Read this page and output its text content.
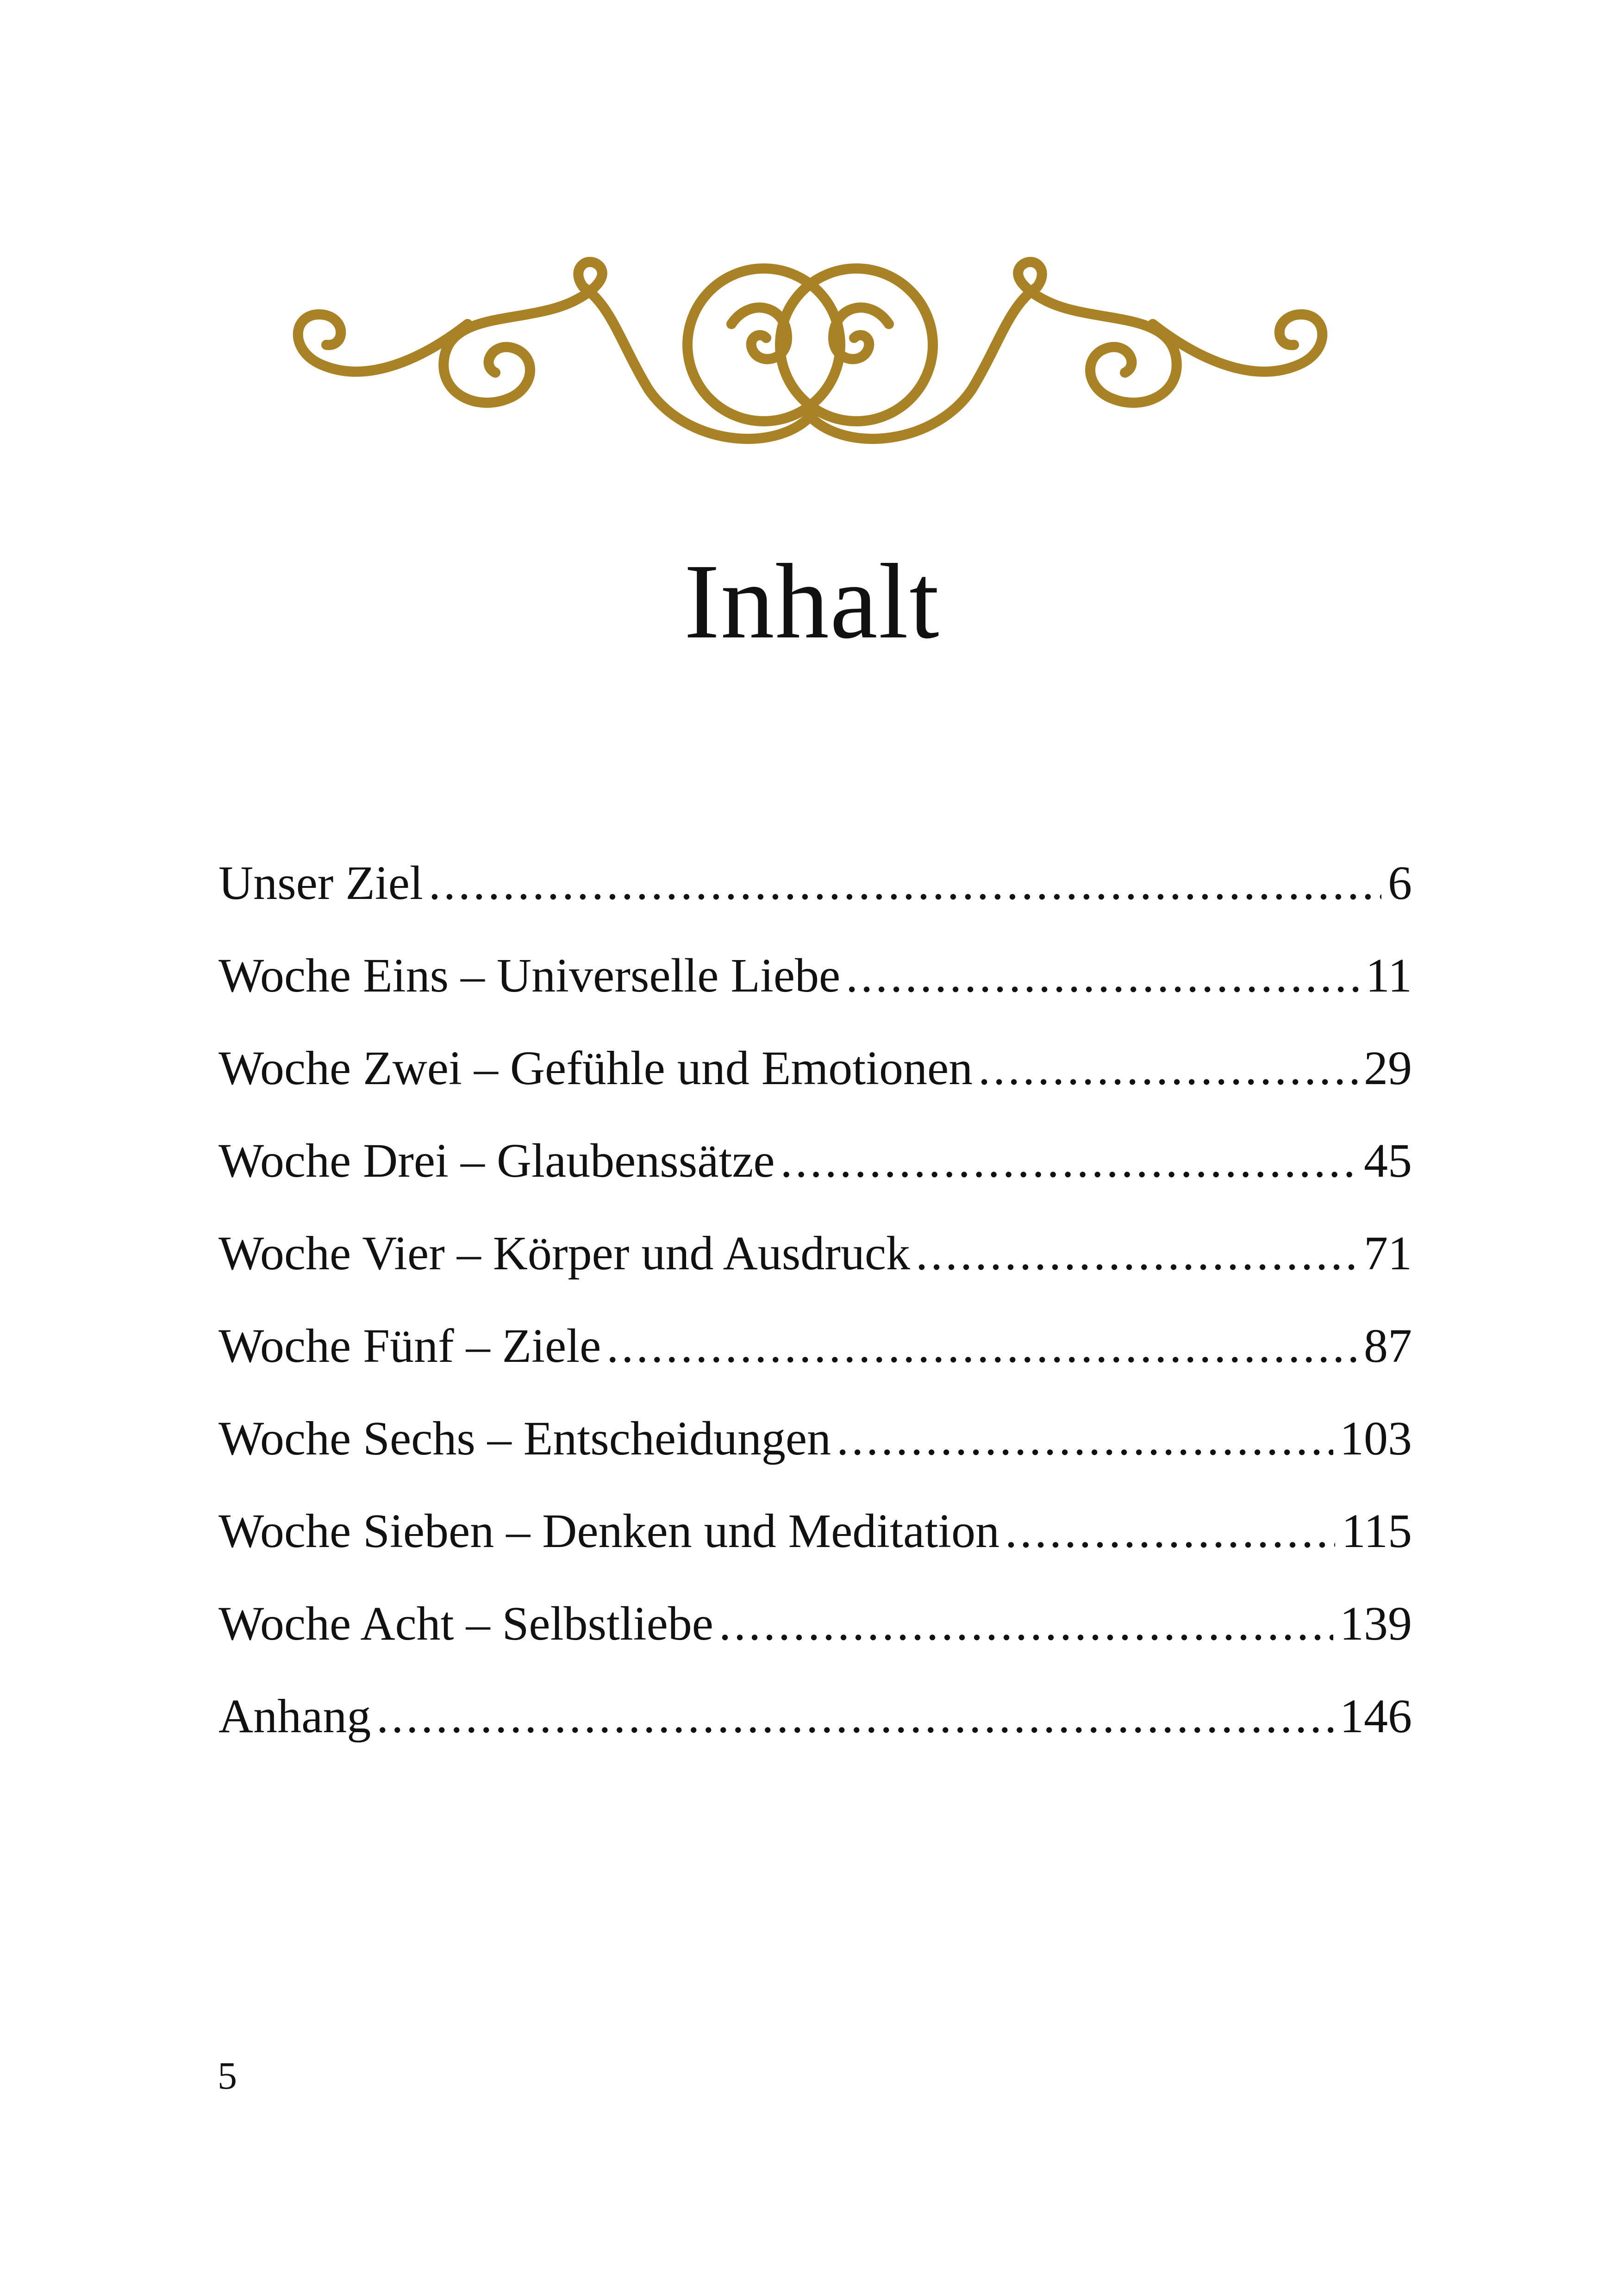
Inhalt
Unser Ziel .....	6
Woche Eins – Universelle Liebe .....	11
Woche Zwei – Gefühle und Emotionen .....	29
Woche Drei – Glaubenssätze .....	45
Woche Vier – Körper und Ausdruck .....	71
Woche Fünf – Ziele .....	87
Woche Sechs – Entscheidungen .....	103
Woche Sieben – Denken und Meditation .....	115
Woche Acht – Selbstliebe .....	139
Anhang .....	146
5
